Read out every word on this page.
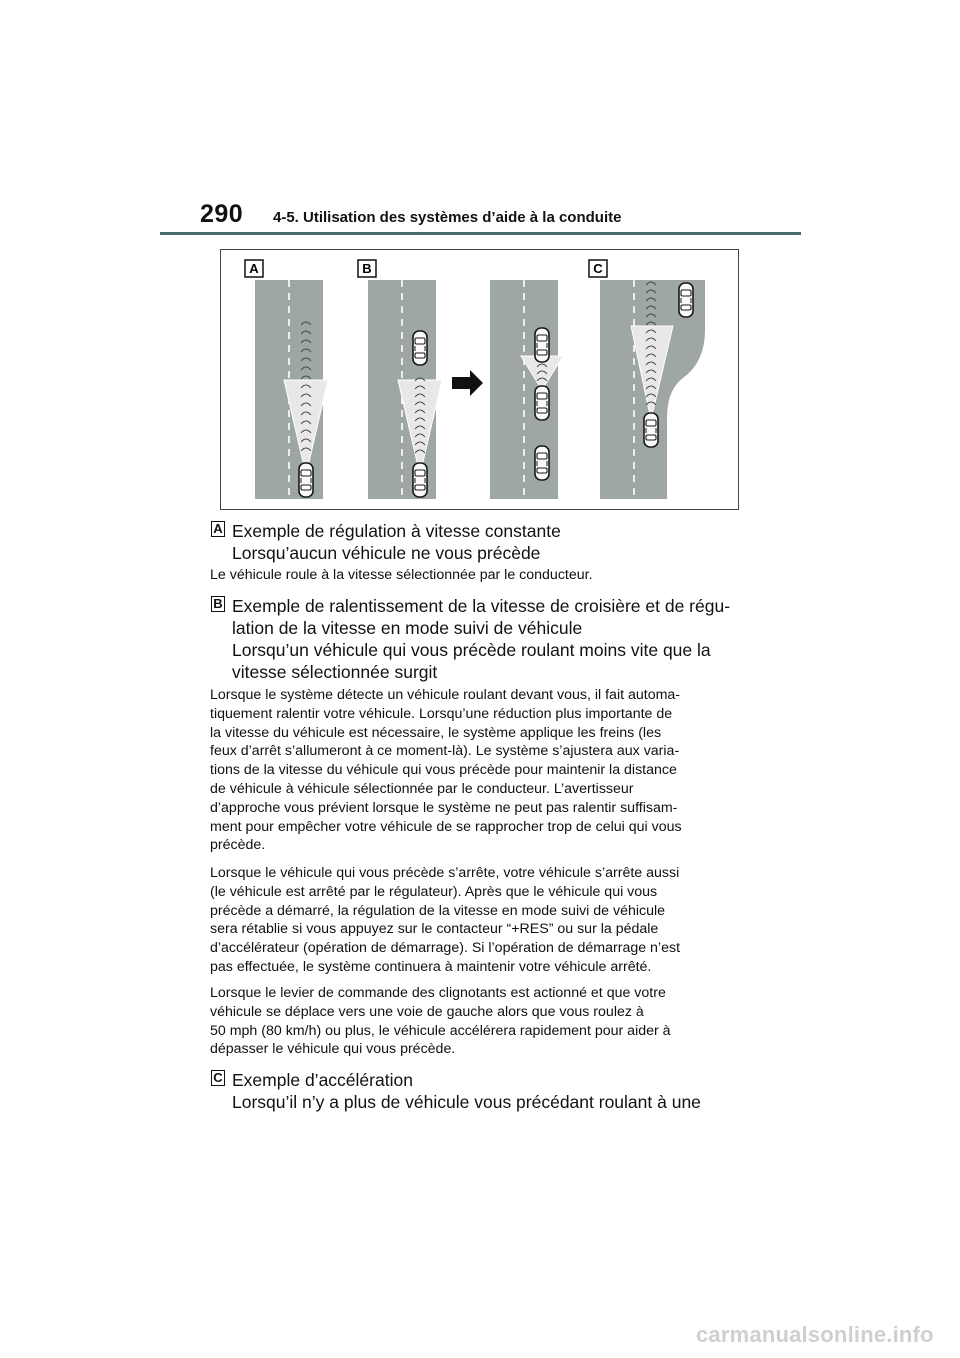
290 4-5. Utilisation des systèmes d’aide à la conduite
A	B	C
A Exemple de régulation à vitesse constante
Lorsqu’aucun véhicule ne vous précède
Le véhicule roule à la vitesse sélectionnée par le conducteur.
B Exemple de ralentissement de la vitesse de croisière et de régu-
lation de la vitesse en mode suivi de véhicule
Lorsqu’un véhicule qui vous précède roulant moins vite que la
vitesse sélectionnée surgit
Lorsque le système détecte un véhicule roulant devant vous, il fait automa-
tiquement ralentir votre véhicule. Lorsqu’une réduction plus importante de
la vitesse du véhicule est nécessaire, le système applique les freins (les
feux d’arrêt s’allumeront à ce moment-là). Le système s’ajustera aux varia-
tions de la vitesse du véhicule qui vous précède pour maintenir la distance
de véhicule à véhicule sélectionnée par le conducteur. L’avertisseur
d’approche vous prévient lorsque le système ne peut pas ralentir suffisam-
ment pour empêcher votre véhicule de se rapprocher trop de celui qui vous
précède.
Lorsque le véhicule qui vous précède s’arrête, votre véhicule s’arrête aussi
(le véhicule est arrêté par le régulateur). Après que le véhicule qui vous
précède a démarré, la régulation de la vitesse en mode suivi de véhicule
sera rétablie si vous appuyez sur le contacteur “+RES” ou sur la pédale
d’accélérateur (opération de démarrage). Si l’opération de démarrage n’est
pas effectuée, le système continuera à maintenir votre véhicule arrêté.
Lorsque le levier de commande des clignotants est actionné et que votre
véhicule se déplace vers une voie de gauche alors que vous roulez à
50 mph (80 km/h) ou plus, le véhicule accélérera rapidement pour aider à
dépasser le véhicule qui vous précède.
C Exemple d’accélération
Lorsqu’il n’y a plus de véhicule vous précédant roulant à une
carmanualsonline.info
